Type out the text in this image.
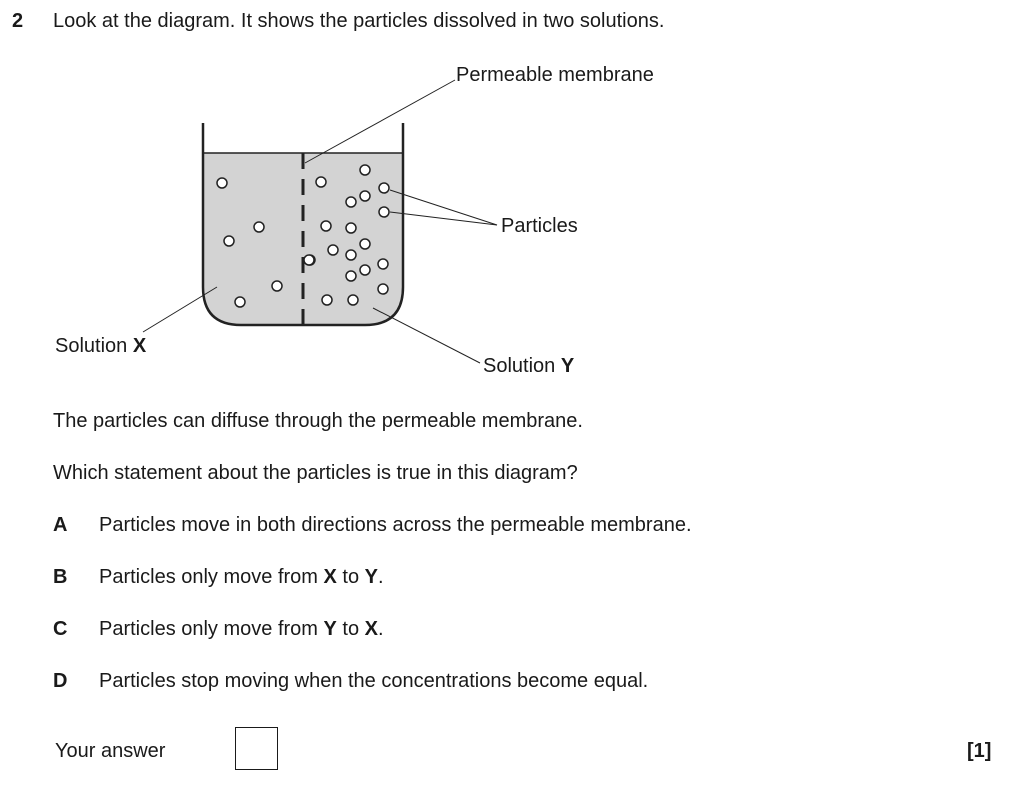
2 Look at the diagram. It shows the particles dissolved in two solutions.
Permeable membrane
Particles
Solution X
Solution Y
The particles can diffuse through the permeable membrane.
Which statement about the particles is true in this diagram?
A Particles move in both directions across the permeable membrane.
B Particles only move from X to Y.
C Particles only move from Y to X.
D Particles stop moving when the concentrations become equal.
Your answer	[1]
